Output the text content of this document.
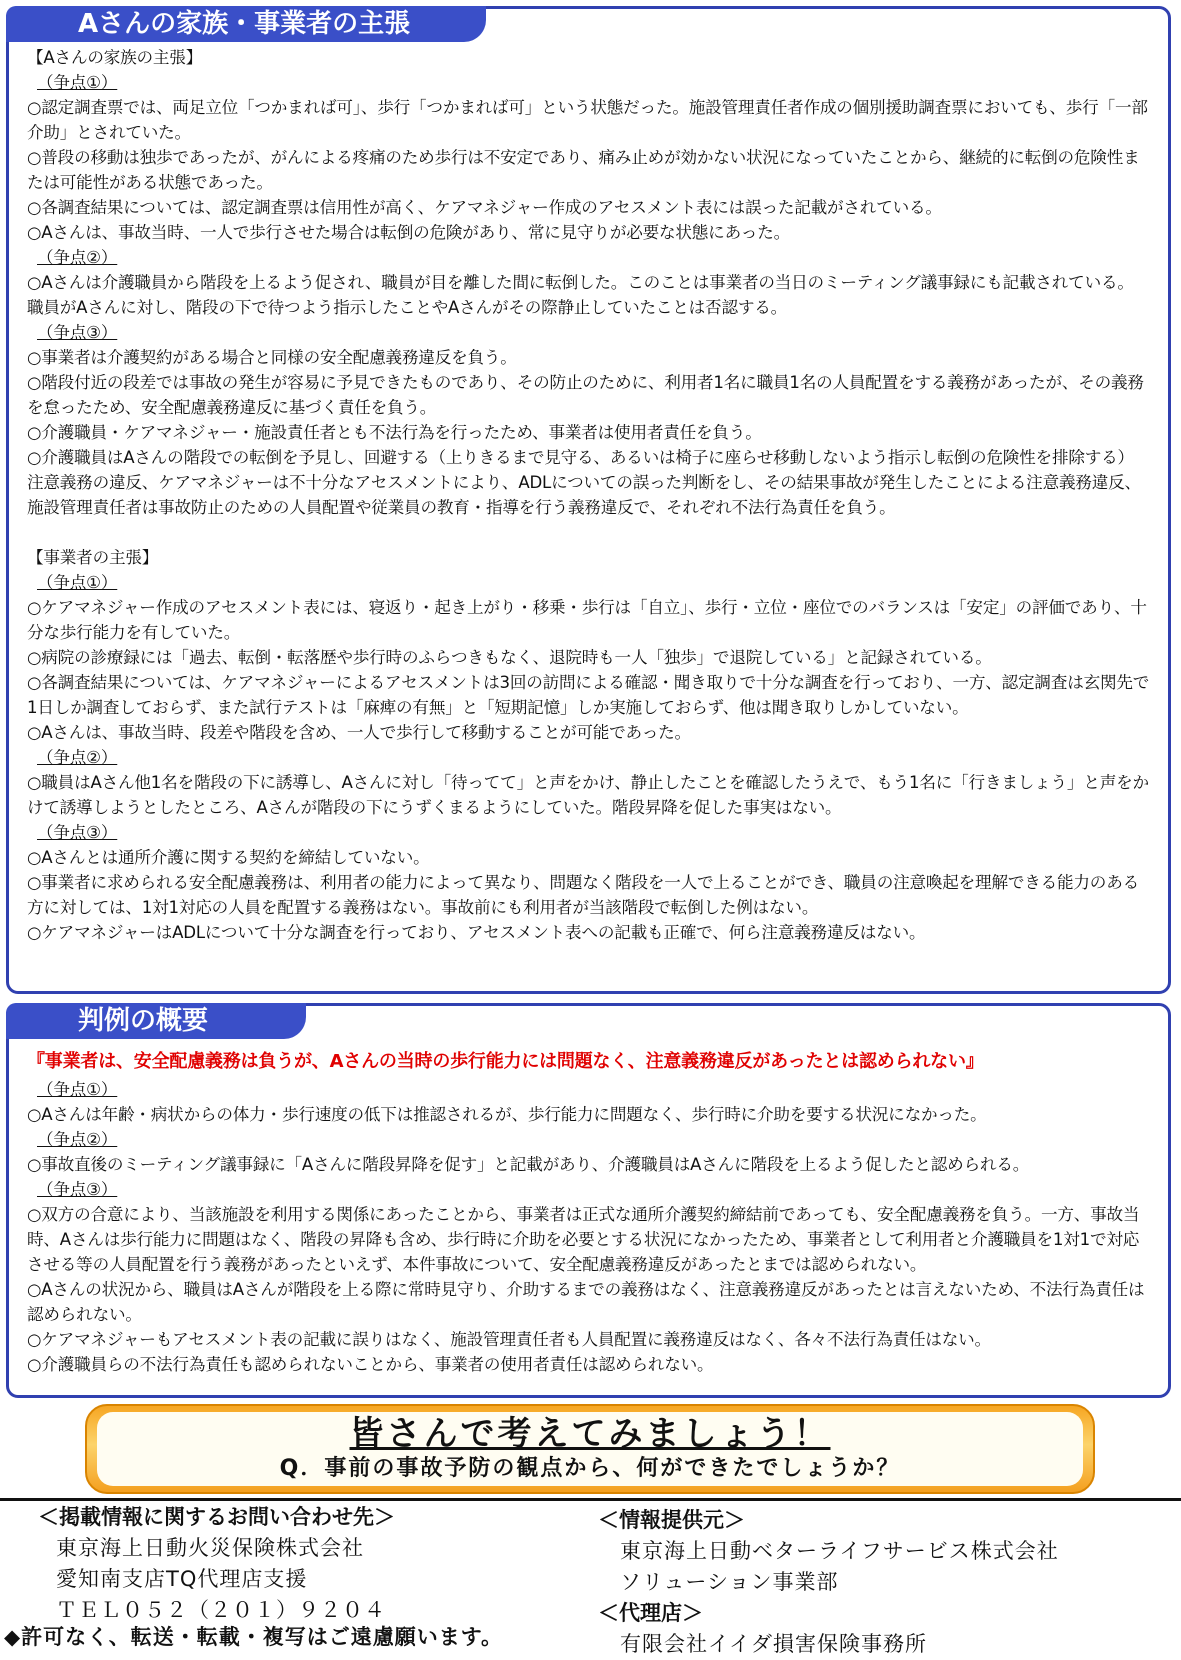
Aさんの家族・事業者の主張

【Aさんの家族の主張】

（争点①）

○認定調査票では、両足立位「つかまれば可」、歩行「つかまれば可」という状態だった。施設管理責任者作成の個別援助調査票においても、歩行「一部介助」とされていた。

○普段の移動は独歩であったが、がんによる疼痛のため歩行は不安定であり、痛み止めが効かない状況になっていたことから、継続的に転倒の危険性または可能性がある状態であった。

○各調査結果については、認定調査票は信用性が高く、ケアマネジャー作成のアセスメント表には誤った記載がされている。

○Aさんは、事故当時、一人で歩行させた場合は転倒の危険があり、常に見守りが必要な状態にあった。

（争点②）

○Aさんは介護職員から階段を上るよう促され、職員が目を離した間に転倒した。このことは事業者の当日のミーティング議事録にも記載されている。職員がAさんに対し、階段の下で待つよう指示したことやAさんがその際静止していたことは否認する。

（争点③）

○事業者は介護契約がある場合と同様の安全配慮義務違反を負う。

○階段付近の段差では事故の発生が容易に予見できたものであり、その防止のために、利用者1名に職員1名の人員配置をする義務があったが、その義務を怠ったため、安全配慮義務違反に基づく責任を負う。

○介護職員・ケアマネジャー・施設責任者とも不法行為を行ったため、事業者は使用者責任を負う。

○介護職員はAさんの階段での転倒を予見し、回避する（上りきるまで見守る、あるいは椅子に座らせ移動しないよう指示し転倒の危険性を排除する）注意義務の違反、ケアマネジャーは不十分なアセスメントにより、ADLについての誤った判断をし、その結果事故が発生したことによる注意義務違反、施設管理責任者は事故防止のための人員配置や従業員の教育・指導を行う義務違反で、それぞれ不法行為責任を負う。

【事業者の主張】

（争点①）

○ケアマネジャー作成のアセスメント表には、寝返り・起き上がり・移乗・歩行は「自立」、歩行・立位・座位でのバランスは「安定」の評価であり、十分な歩行能力を有していた。

○病院の診療録には「過去、転倒・転落歴や歩行時のふらつきもなく、退院時も一人「独歩」で退院している」と記録されている。

○各調査結果については、ケアマネジャーによるアセスメントは3回の訪問による確認・聞き取りで十分な調査を行っており、一方、認定調査は玄関先で1日しか調査しておらず、また試行テストは「麻痺の有無」と「短期記憶」しか実施しておらず、他は聞き取りしかしていない。

○Aさんは、事故当時、段差や階段を含め、一人で歩行して移動することが可能であった。

（争点②）

○職員はAさん他1名を階段の下に誘導し、Aさんに対し「待ってて」と声をかけ、静止したことを確認したうえで、もう1名に「行きましょう」と声をかけて誘導しようとしたところ、Aさんが階段の下にうずくまるようにしていた。階段昇降を促した事実はない。

（争点③）

○Aさんとは通所介護に関する契約を締結していない。

○事業者に求められる安全配慮義務は、利用者の能力によって異なり、問題なく階段を一人で上ることができ、職員の注意喚起を理解できる能力のある方に対しては、1対1対応の人員を配置する義務はない。事故前にも利用者が当該階段で転倒した例はない。

○ケアマネジャーはADLについて十分な調査を行っており、アセスメント表への記載も正確で、何ら注意義務違反はない。

判例の概要

『事業者は、安全配慮義務は負うが、Aさんの当時の歩行能力には問題なく、注意義務違反があったとは認められない』

（争点①）

○Aさんは年齢・病状からの体力・歩行速度の低下は推認されるが、歩行能力に問題なく、歩行時に介助を要する状況になかった。

（争点②）

○事故直後のミーティング議事録に「Aさんに階段昇降を促す」と記載があり、介護職員はAさんに階段を上るよう促したと認められる。

（争点③）

○双方の合意により、当該施設を利用する関係にあったことから、事業者は正式な通所介護契約締結前であっても、安全配慮義務を負う。一方、事故当時、Aさんは歩行能力に問題はなく、階段の昇降も含め、歩行時に介助を必要とする状況になかったため、事業者として利用者と介護職員を1対1で対応させる等の人員配置を行う義務があったといえず、本件事故について、安全配慮義務違反があったとまでは認められない。

○Aさんの状況から、職員はAさんが階段を上る際に常時見守り、介助するまでの義務はなく、注意義務違反があったとは言えないため、不法行為責任は認められない。

○ケアマネジャーもアセスメント表の記載に誤りはなく、施設管理責任者も人員配置に義務違反はなく、各々不法行為責任はない。

○介護職員らの不法行為責任も認められないことから、事業者の使用者責任は認められない。

皆さんで考えてみましょう！
Q．事前の事故予防の観点から、何ができたでしょうか？
＜掲載情報に関するお問い合わせ先＞
東京海上日動火災保険株式会社
愛知南支店TQ代理店支援
ＴＥＬ０５２（２０１）９２０４
＜情報提供元＞
東京海上日動ベターライフサービス株式会社
ソリューション事業部
＜代理店＞
有限会社イイダ損害保険事務所
◆許可なく、転送・転載・複写はご遠慮願います。
